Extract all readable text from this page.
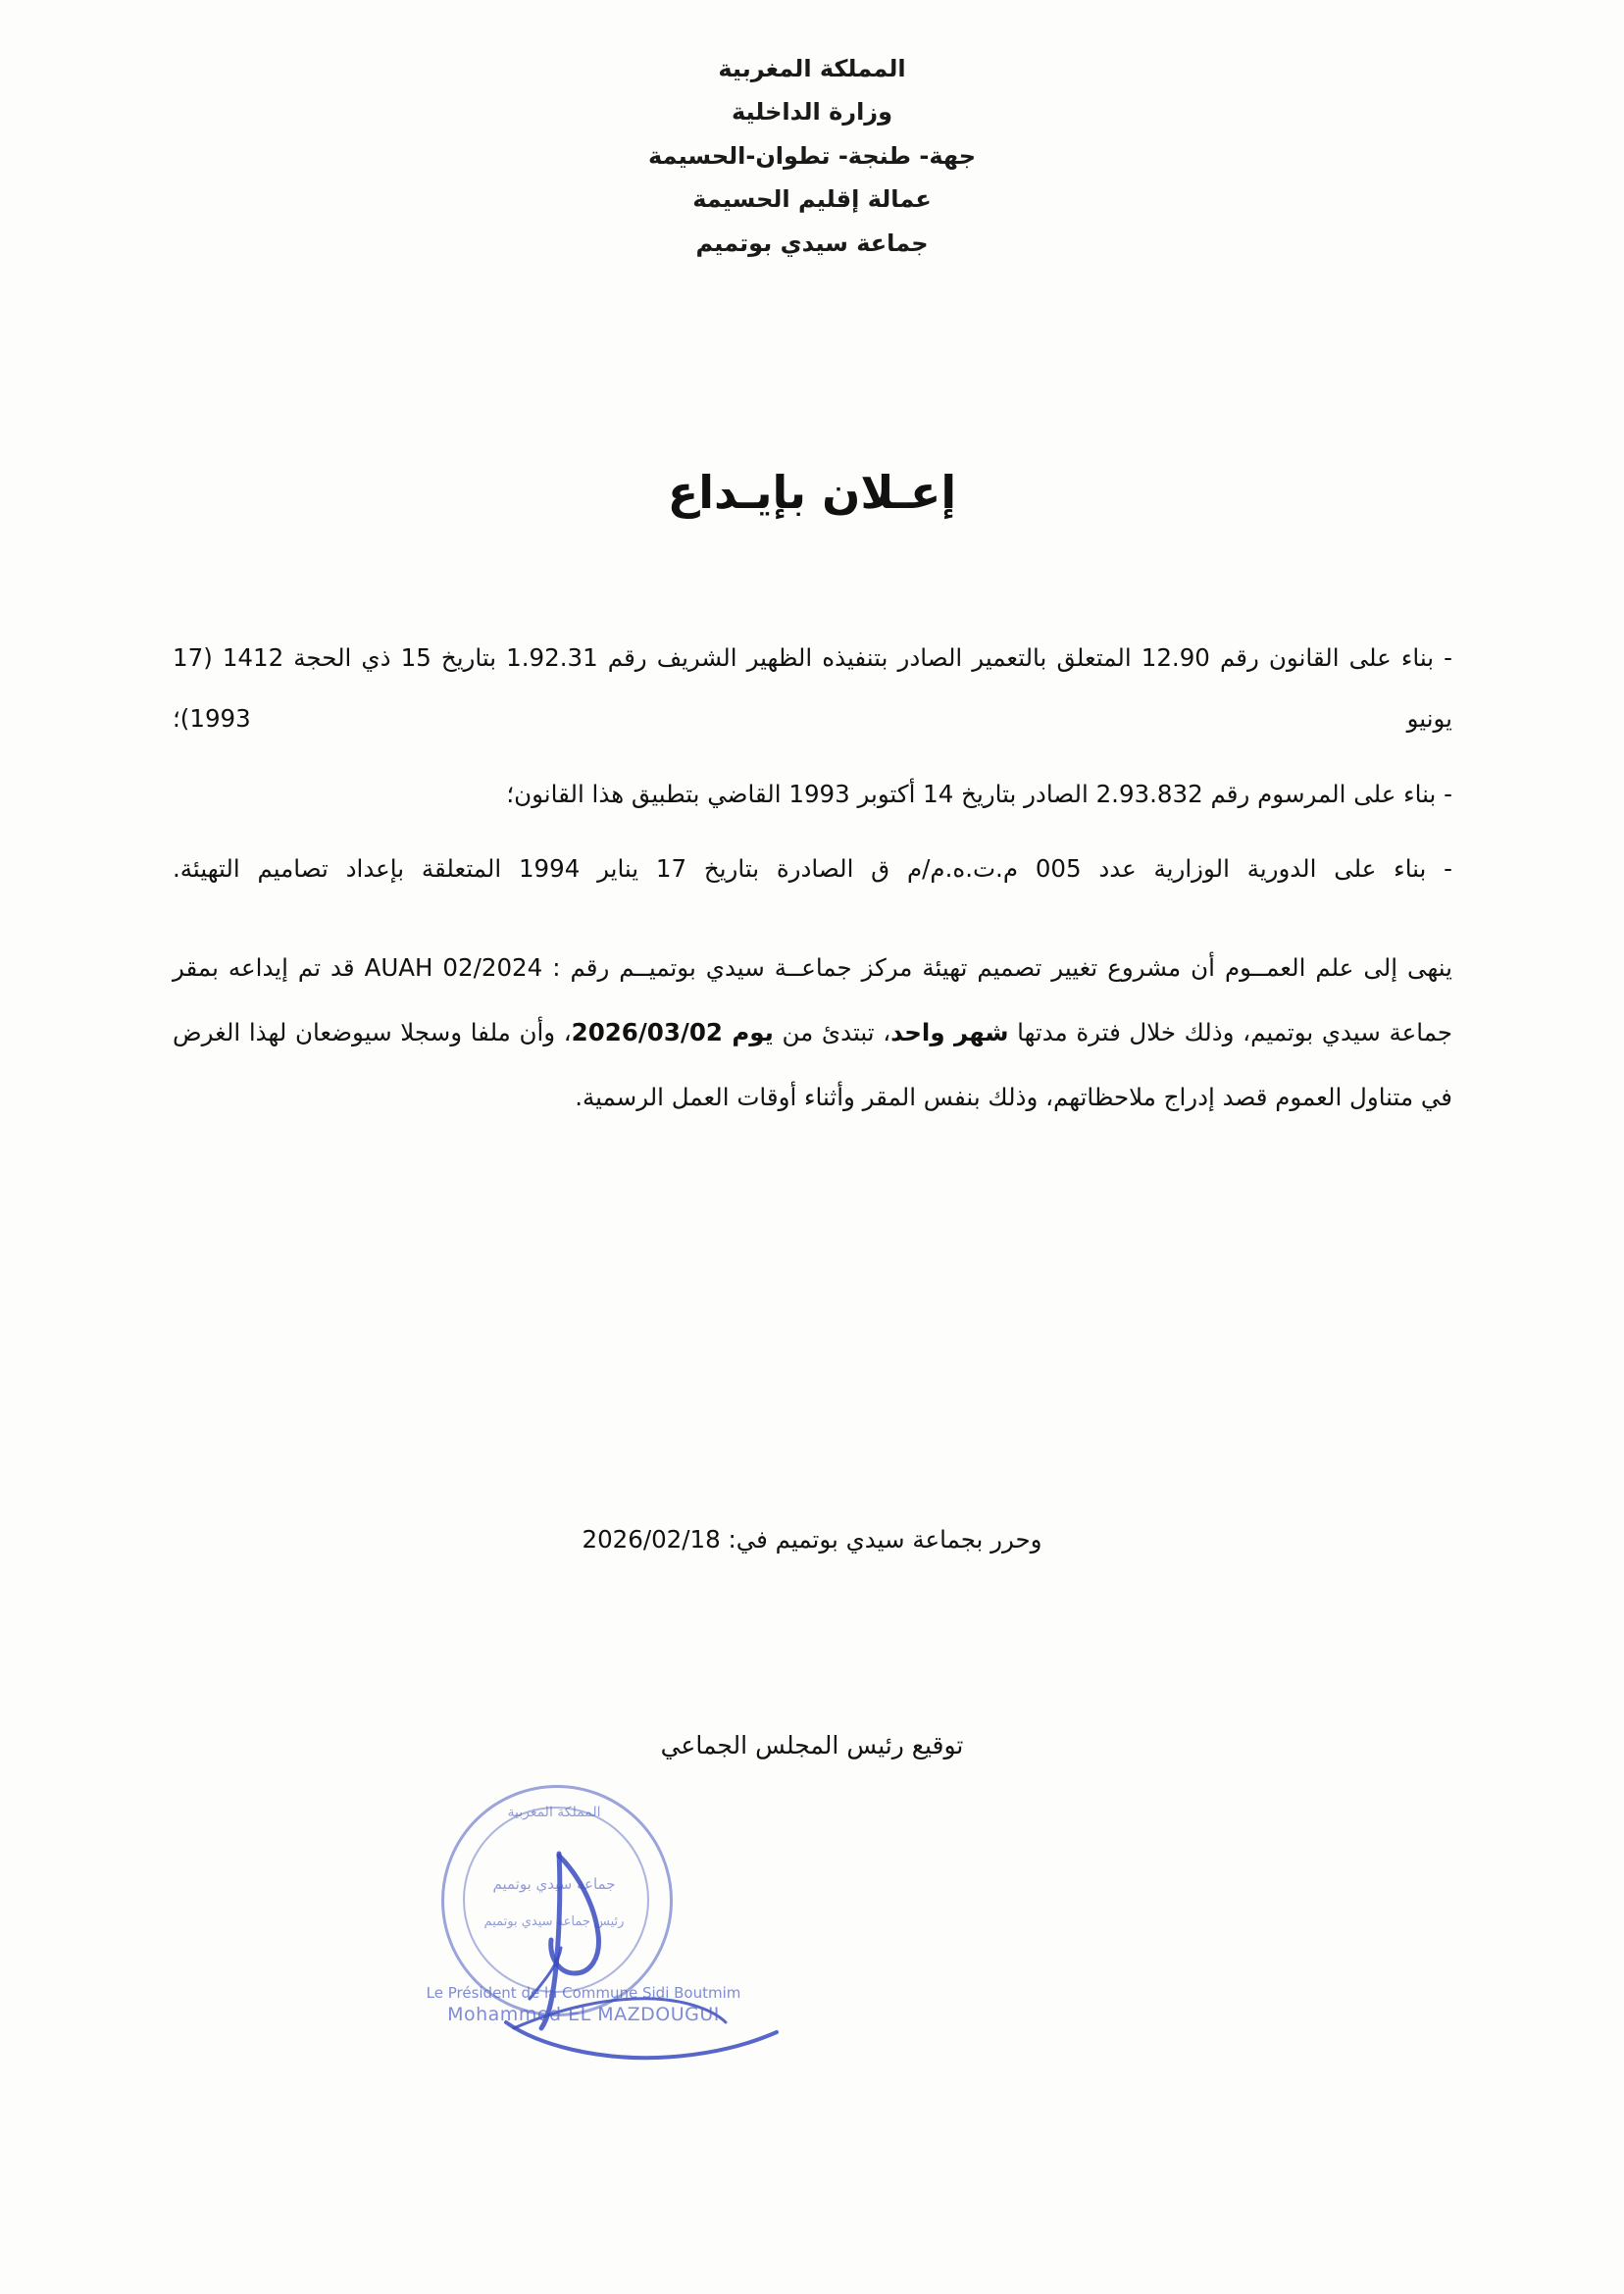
المملكة المغربية
وزارة الداخلية
جهة- طنجة- تطوان-الحسيمة
عمالة إقليم الحسيمة
جماعة سيدي بوتميم
إعـلان بإيـداع

- بناء على القانون رقم 12.90 المتعلق بالتعمير الصادر بتنفيذه الظهير الشريف رقم 1.92.31 بتاريخ 15 ذي الحجة 1412 (17 يونيو 1993)؛

- بناء على المرسوم رقم 2.93.832 الصادر بتاريخ 14 أكتوبر 1993 القاضي بتطبيق هذا القانون؛

- بناء على الدورية الوزارية عدد 005 م.ت.ه.م/م ق الصادرة بتاريخ 17 يناير 1994 المتعلقة بإعداد تصاميم التهيئة.

ينهى إلى علم العمــوم أن مشروع تغيير تصميم تهيئة مركز جماعــة سيدي بوتميــم رقم : AUAH 02/2024 قد تم إيداعه بمقر جماعة سيدي بوتميم، وذلك خلال فترة مدتها شهر واحد، تبتدئ من يوم 2026/03/02، وأن ملفا وسجلا سيوضعان لهذا الغرض في متناول العموم قصد إدراج ملاحظاتهم، وذلك بنفس المقر وأثناء أوقات العمل الرسمية.

وحرر بجماعة سيدي بوتميم في: 2026/02/18
توقيع رئيس المجلس الجماعي
المملكة المغربية
جماعة سيدي بوتميم
رئيس جماعة سيدي بوتميم
Le Président de la Commune Sidi Boutmim
Mohammed EL MAZDOUGUI
